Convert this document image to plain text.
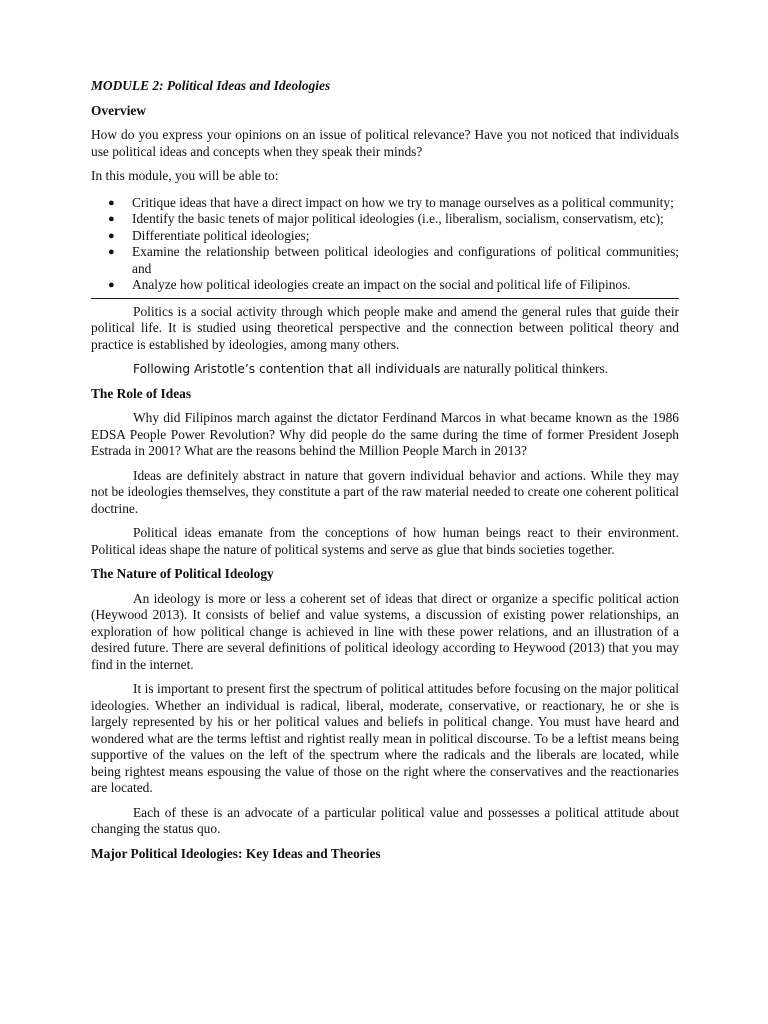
MODULE 2: Political Ideas and Ideologies

Overview

How do you express your opinions on an issue of political relevance? Have you not noticed that individuals use political ideas and concepts when they speak their minds?

In this module, you will be able to:

● Critique ideas that have a direct impact on how we try to manage ourselves as a political community;
● Identify the basic tenets of major political ideologies (i.e., liberalism, socialism, conservatism, etc);
● Differentiate political ideologies;
● Examine the relationship between political ideologies and configurations of political communities; and
● Analyze how political ideologies create an impact on the social and political life of Filipinos.

Politics is a social activity through which people make and amend the general rules that guide their political life. It is studied using theoretical perspective and the connection between political theory and practice is established by ideologies, among many others.

Following Aristotle’s contention that all individuals are naturally political thinkers.

The Role of Ideas

Why did Filipinos march against the dictator Ferdinand Marcos in what became known as the 1986 EDSA People Power Revolution? Why did people do the same during the time of former President Joseph Estrada in 2001? What are the reasons behind the Million People March in 2013?

Ideas are definitely abstract in nature that govern individual behavior and actions. While they may not be ideologies themselves, they constitute a part of the raw material needed to create one coherent political doctrine.

Political ideas emanate from the conceptions of how human beings react to their environment. Political ideas shape the nature of political systems and serve as glue that binds societies together.

The Nature of Political Ideology

An ideology is more or less a coherent set of ideas that direct or organize a specific political action (Heywood 2013). It consists of belief and value systems, a discussion of existing power relationships, an exploration of how political change is achieved in line with these power relations, and an illustration of a desired future. There are several definitions of political ideology according to Heywood (2013) that you may find in the internet.

It is important to present first the spectrum of political attitudes before focusing on the major political ideologies. Whether an individual is radical, liberal, moderate, conservative, or reactionary, he or she is largely represented by his or her political values and beliefs in political change. You must have heard and wondered what are the terms leftist and rightist really mean in political discourse. To be a leftist means being supportive of the values on the left of the spectrum where the radicals and the liberals are located, while being rightest means espousing the value of those on the right where the conservatives and the reactionaries are located.

Each of these is an advocate of a particular political value and possesses a political attitude about changing the status quo.

Major Political Ideologies: Key Ideas and Theories
